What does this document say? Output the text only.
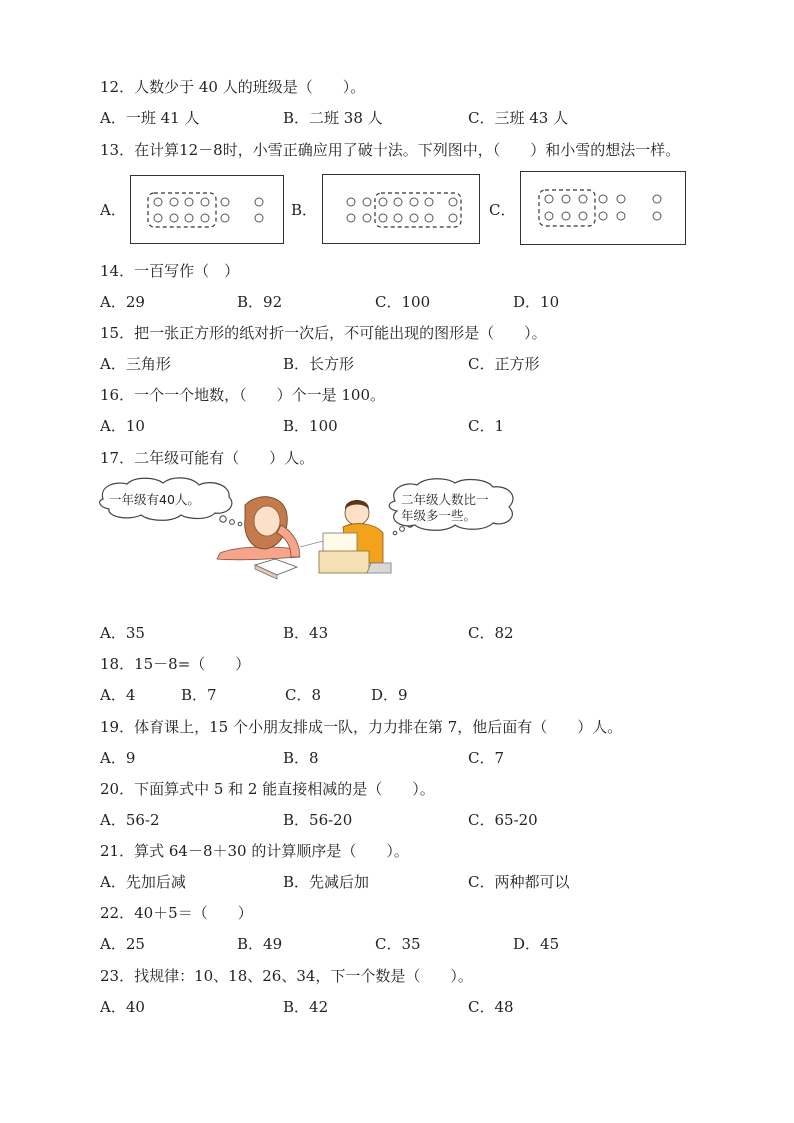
12．人数少于 40 人的班级是（　　）。
A．一班 41 人	B．二班 38 人	C．三班 43 人
13．在计算12－8时，小雪正确应用了破十法。下列图中，（　　）和小雪的想法一样。
A．	B．	C．
14．一百写作（　）
A．29	B．92	C．100	D．10
15．把一张正方形的纸对折一次后，不可能出现的图形是（　　）。
A．三角形	B．长方形	C．正方形
16．一个一个地数，（　　）个一是 100。
A．10	B．100	C．1
17．二年级可能有（　　）人。
一年级有40人。	二年级人数比一
年级多一些。
A．35	B．43	C．82
18．15－8=（　　）
A．4	B．7	C．8	D．9
19．体育课上，15 个小朋友排成一队，力力排在第 7，他后面有（　　）人。
A．9	B．8	C．7
20．下面算式中 5 和 2 能直接相减的是（　　）。
A．56-2	B．56-20	C．65-20
21．算式 64－8＋30 的计算顺序是（　　）。
A．先加后减	B．先减后加	C．两种都可以
22．40＋5＝（　　）
A．25	B．49	C．35	D．45
23．找规律：10、18、26、34，下一个数是（　　）。
A．40	B．42	C．48
